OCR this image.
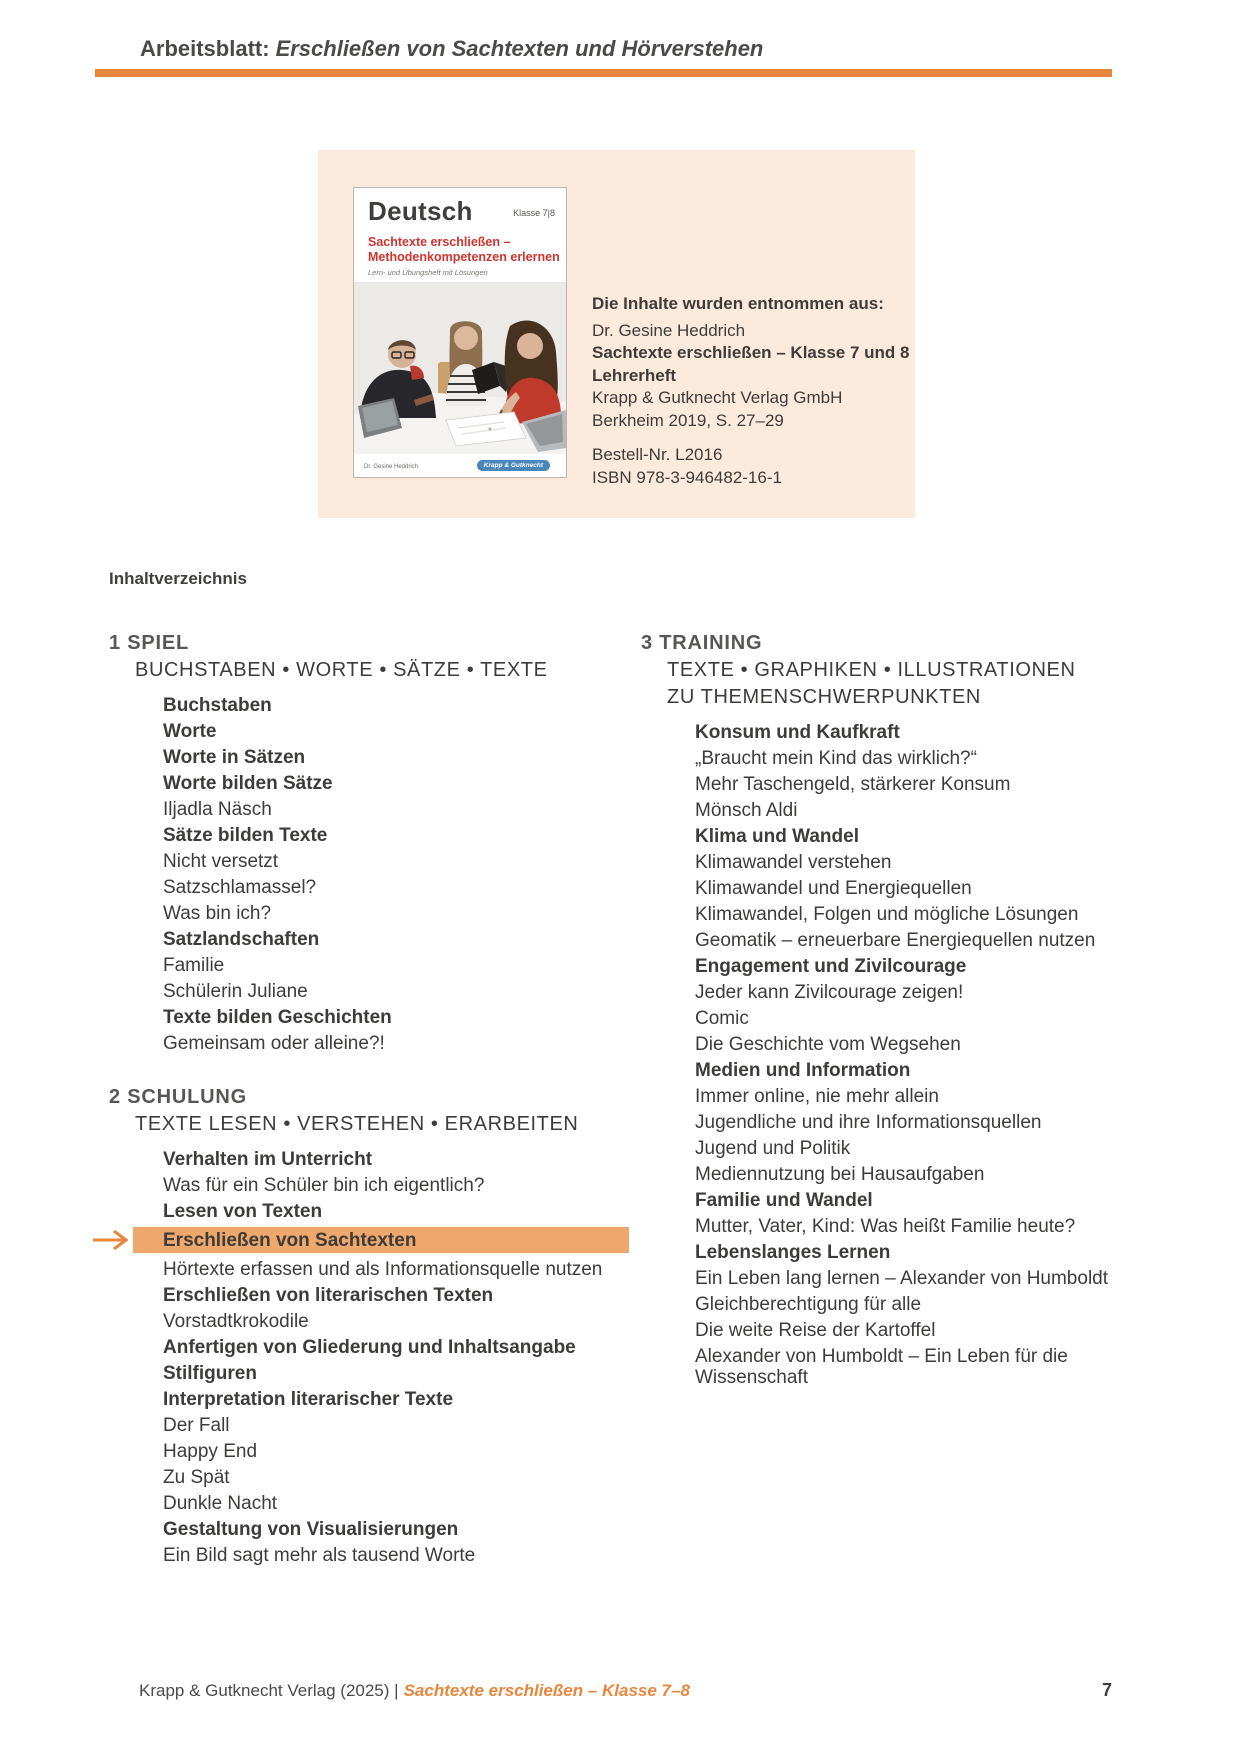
Arbeitsblatt: Erschließen von Sachtexten und Hörverstehen
Deutsch	Klasse 7|8
Sachtexte erschließen –
Methodenkompetenzen erlernen
Lern- und Übungsheft mit Lösungen
Dr. Gesine Heddrich	Krapp & Gutknecht
Die Inhalte wurden entnommen aus:
Dr. Gesine Heddrich
Sachtexte erschließen – Klasse 7 und 8
Lehrerheft
Krapp & Gutknecht Verlag GmbH
Berkheim 2019, S. 27–29
Bestell-Nr. L2016
ISBN 978-3-946482-16-1
Inhaltverzeichnis
1 SPIEL
BUCHSTABEN • WORTE • SÄTZE • TEXTE
Buchstaben
Worte
Worte in Sätzen
Worte bilden Sätze
Iljadla Näsch
Sätze bilden Texte
Nicht versetzt
Satzschlamassel?
Was bin ich?
Satzlandschaften
Familie
Schülerin Juliane
Texte bilden Geschichten
Gemeinsam oder alleine?!
2 SCHULUNG
TEXTE LESEN • VERSTEHEN • ERARBEITEN
Verhalten im Unterricht
Was für ein Schüler bin ich eigentlich?
Lesen von Texten
Erschließen von Sachtexten
Hörtexte erfassen und als Informationsquelle nutzen
Erschließen von literarischen Texten
Vorstadtkrokodile
Anfertigen von Gliederung und Inhaltsangabe
Stilfiguren
Interpretation literarischer Texte
Der Fall
Happy End
Zu Spät
Dunkle Nacht
Gestaltung von Visualisierungen
Ein Bild sagt mehr als tausend Worte
3 TRAINING
TEXTE • GRAPHIKEN • ILLUSTRATIONEN
ZU THEMENSCHWERPUNKTEN
Konsum und Kaufkraft
„Braucht mein Kind das wirklich?“
Mehr Taschengeld, stärkerer Konsum
Mönsch Aldi
Klima und Wandel
Klimawandel verstehen
Klimawandel und Energiequellen
Klimawandel, Folgen und mögliche Lösungen
Geomatik – erneuerbare Energiequellen nutzen
Engagement und Zivilcourage
Jeder kann Zivilcourage zeigen!
Comic
Die Geschichte vom Wegsehen
Medien und Information
Immer online, nie mehr allein
Jugendliche und ihre Informationsquellen
Jugend und Politik
Mediennutzung bei Hausaufgaben
Familie und Wandel
Mutter, Vater, Kind: Was heißt Familie heute?
Lebenslanges Lernen
Ein Leben lang lernen – Alexander von Humboldt
Gleichberechtigung für alle
Die weite Reise der Kartoffel
Alexander von Humboldt – Ein Leben für die Wissenschaft
Krapp & Gutknecht Verlag (2025) | Sachtexte erschließen – Klasse 7–8	7
